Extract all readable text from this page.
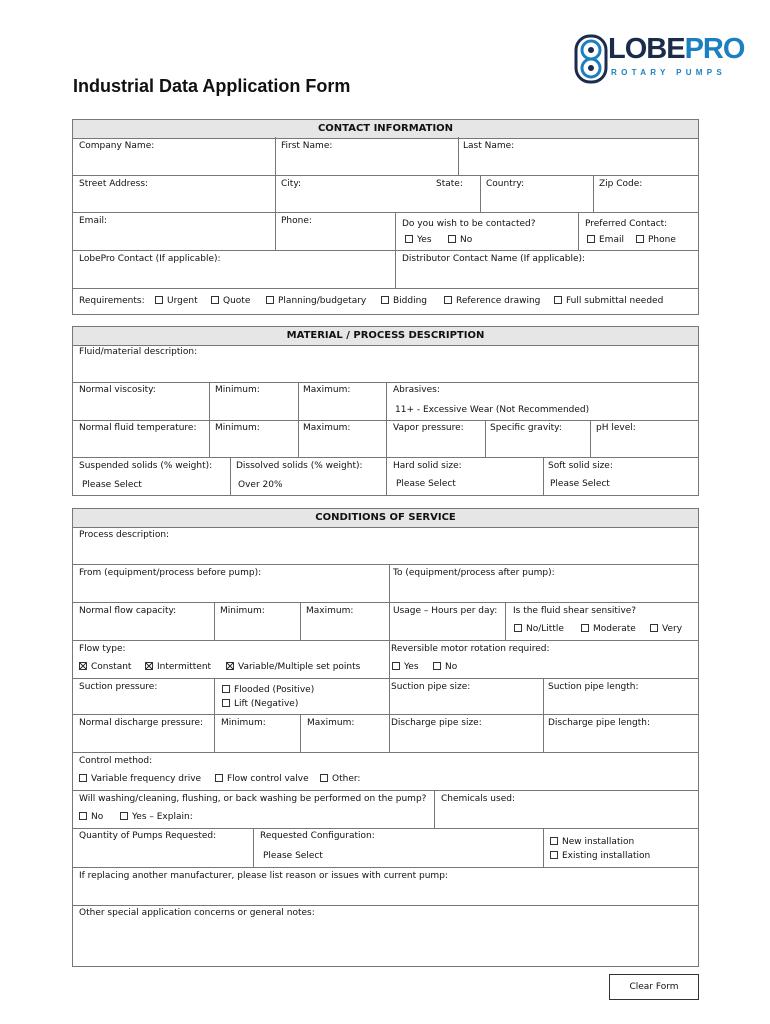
LOBEPRO
ROTARY PUMPS
Industrial Data Application Form
CONTACT INFORMATION
Company Name:	First Name:	Last Name:
Street Address:	City:	State:	Country:	Zip Code:
Email:	Phone:	Do you wish to be contacted?
Yes	No
Preferred Contact:
Email	Phone
LobePro Contact (If applicable):	Distributor Contact Name (If applicable):
Requirements:	Urgent	Quote	Planning/budgetary	Bidding	Reference drawing	Full submittal needed
MATERIAL / PROCESS DESCRIPTION
Fluid/material description:
Normal viscosity:	Minimum:	Maximum:	Abrasives:
11+ - Excessive Wear (Not Recommended)
Normal fluid temperature: Minimum:	Maximum:	Vapor pressure:	Specific gravity:	pH level:
Suspended solids (% weight):
Please Select
Dissolved solids (% weight):
Over 20%
Hard solid size:
Please Select
Soft solid size:
Please Select
CONDITIONS OF SERVICE
Process description:
From (equipment/process before pump):	To (equipment/process after pump):
Normal flow capacity:	Minimum:	Maximum:	Usage – Hours per day: Is the fluid shear sensitive?
No/Little	Moderate	Very
Flow type:
Constant	Intermittent	Variable/Multiple set points
Reversible motor rotation required:
Yes	No
Suction pressure:	Flooded (Positive)
Lift (Negative)
Suction pipe size:	Suction pipe length:
Normal discharge pressure: Minimum:	Maximum:	Discharge pipe size:	Discharge pipe length:
Control method:
Variable frequency drive	Flow control valve	Other:
Will washing/cleaning, flushing, or back washing be performed on the pump?
No	Yes – Explain:
Chemicals used:
Quantity of Pumps Requested:	Requested Configuration:
Please Select
New installation
Existing installation
If replacing another manufacturer, please list reason or issues with current pump:
Other special application concerns or general notes:
Clear Form
